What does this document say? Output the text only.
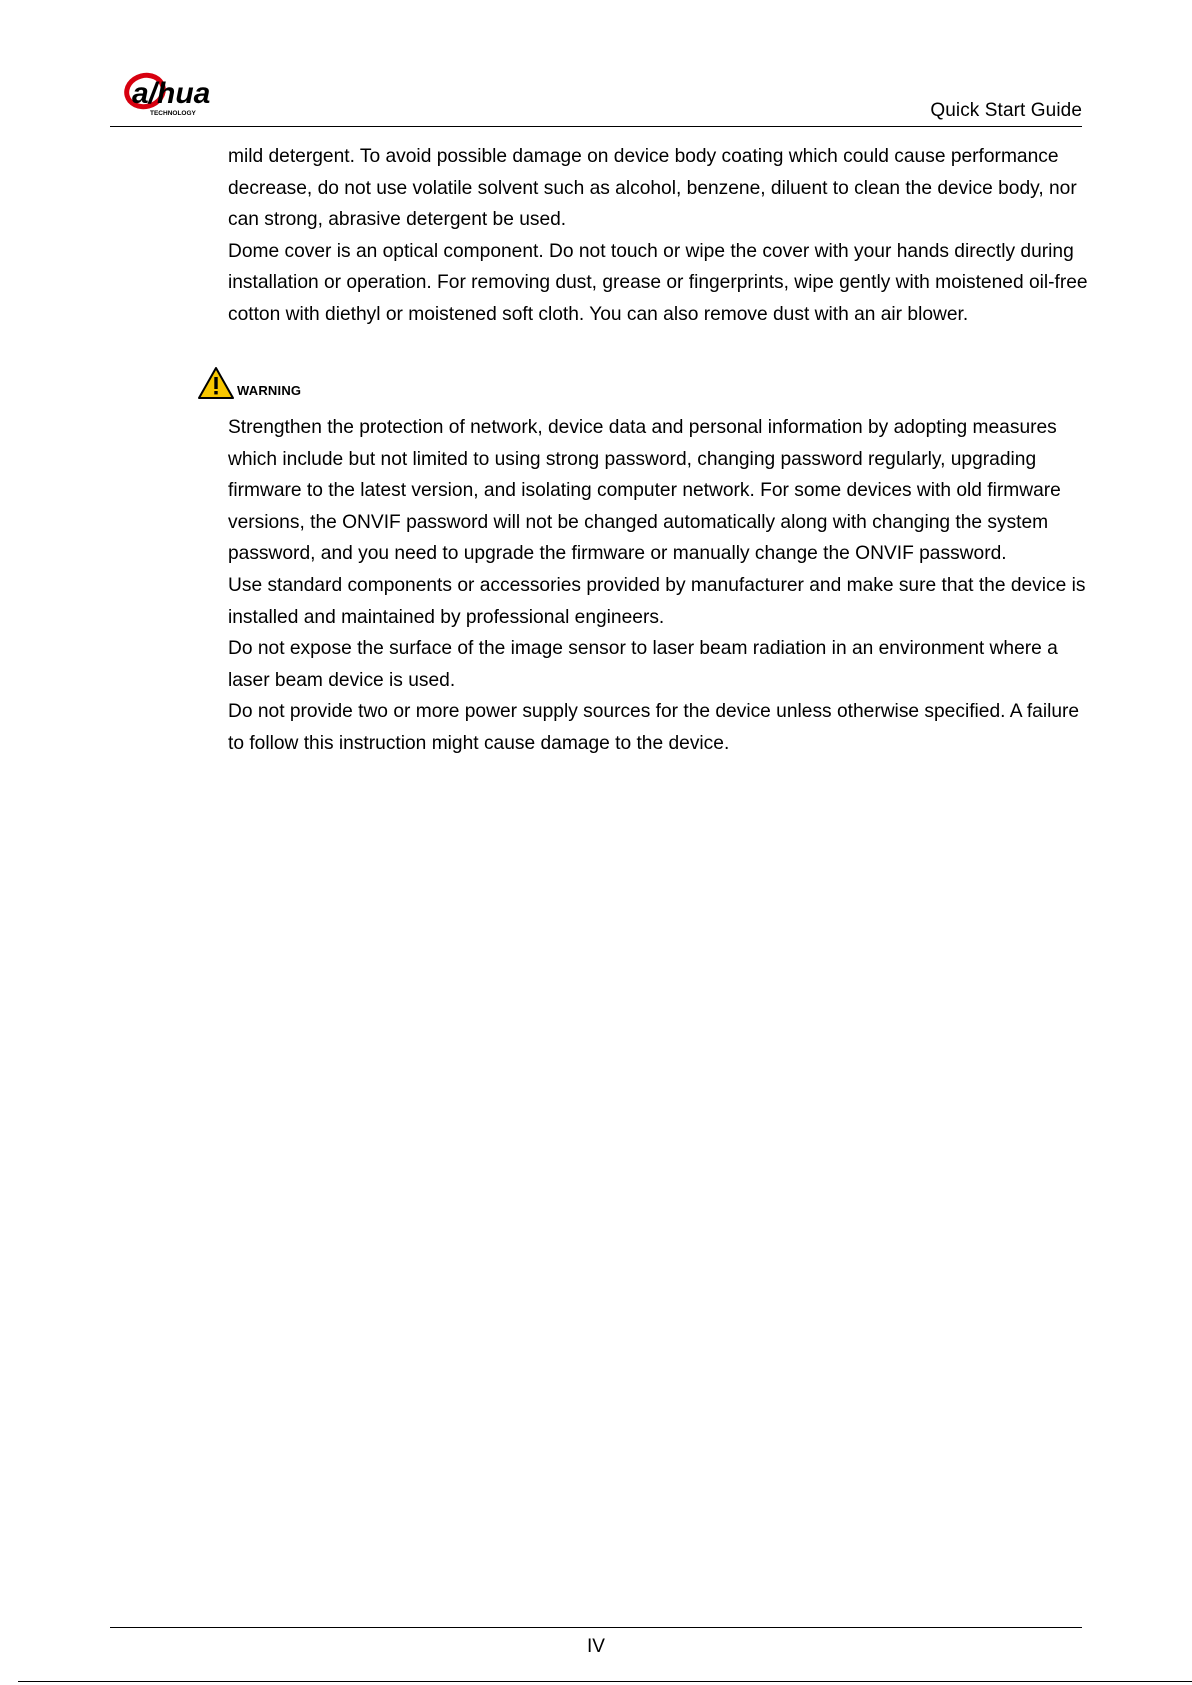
a/hua
TECHNOLOGY	Quick Start Guide

mild detergent. To avoid possible damage on device body coating which could cause performance decrease, do not use volatile solvent such as alcohol, benzene, diluent to clean the device body, nor can strong, abrasive detergent be used.

Dome cover is an optical component. Do not touch or wipe the cover with your hands directly during installation or operation. For removing dust, grease or fingerprints, wipe gently with moistened oil-free cotton with diethyl or moistened soft cloth. You can also remove dust with an air blower.

WARNING

Strengthen the protection of network, device data and personal information by adopting measures which include but not limited to using strong password, changing password regularly, upgrading firmware to the latest version, and isolating computer network. For some devices with old firmware versions, the ONVIF password will not be changed automatically along with changing the system password, and you need to upgrade the firmware or manually change the ONVIF password.

Use standard components or accessories provided by manufacturer and make sure that the device is installed and maintained by professional engineers.

Do not expose the surface of the image sensor to laser beam radiation in an environment where a laser beam device is used.

Do not provide two or more power supply sources for the device unless otherwise specified. A failure to follow this instruction might cause damage to the device.

IV
